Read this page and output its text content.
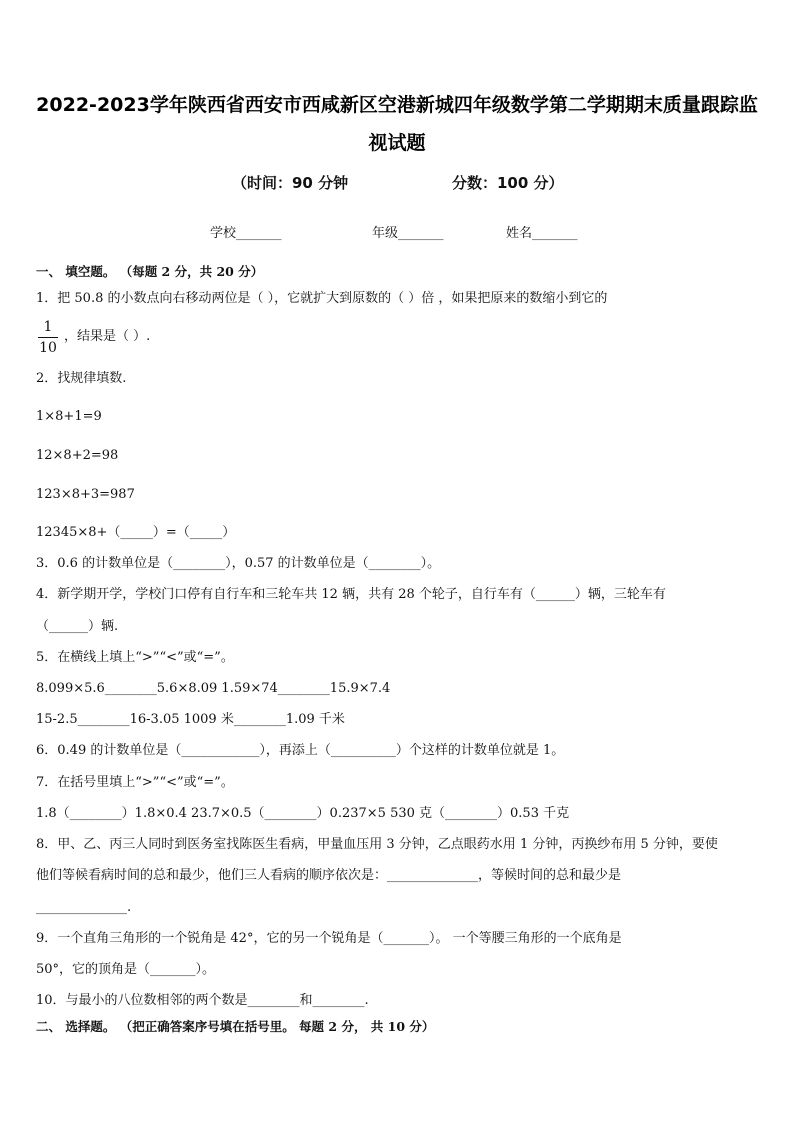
2022-2023学年陕西省西安市西咸新区空港新城四年级数学第二学期期末质量跟踪监
视试题
（时间：90 分钟	分数：100 分）
学校_______	年级_______	姓名_______
一、 填空题。 （每题 2 分，共 20 分）
1．把 50.8 的小数点向右移动两位是（ ），它就扩大到原数的（ ）倍 ，如果把原来的数缩小到它的
$\frac{1}{10}$ ，结果是（ ）.
2．找规律填数.
1×8+1=9
12×8+2=98
123×8+3=987
12345×8+（_____）=（_____）
3．0.6 的计数单位是（________），0.57 的计数单位是（________）。
4．新学期开学，学校门口停有自行车和三轮车共 12 辆，共有 28 个轮子，自行车有（______）辆，三轮车有
（______）辆.
5．在横线上填上“>”“<”或“=”。
8.099×5.6________5.6×8.09 1.59×74________15.9×7.4
15-2.5________16-3.05 1009 米________1.09 千米
6．0.49 的计数单位是（____________），再添上（__________）个这样的计数单位就是 1。
7．在括号里填上“>”“<”或“=”。
1.8（________）1.8×0.4 23.7×0.5（________）0.237×5 530 克（________）0.53 千克
8．甲、乙、丙三人同时到医务室找陈医生看病，甲量血压用 3 分钟，乙点眼药水用 1 分钟，丙换纱布用 5 分钟，要使
他们等候看病时间的总和最少，他们三人看病的顺序依次是：______________，等候时间的总和最少是
______________.
9．一个直角三角形的一个锐角是 42°，它的另一个锐角是（_______）。 一个等腰三角形的一个底角是
50°，它的顶角是（_______）。
10．与最小的八位数相邻的两个数是________和________.
二、 选择题。 （把正确答案序号填在括号里。 每题 2 分， 共 10 分）
